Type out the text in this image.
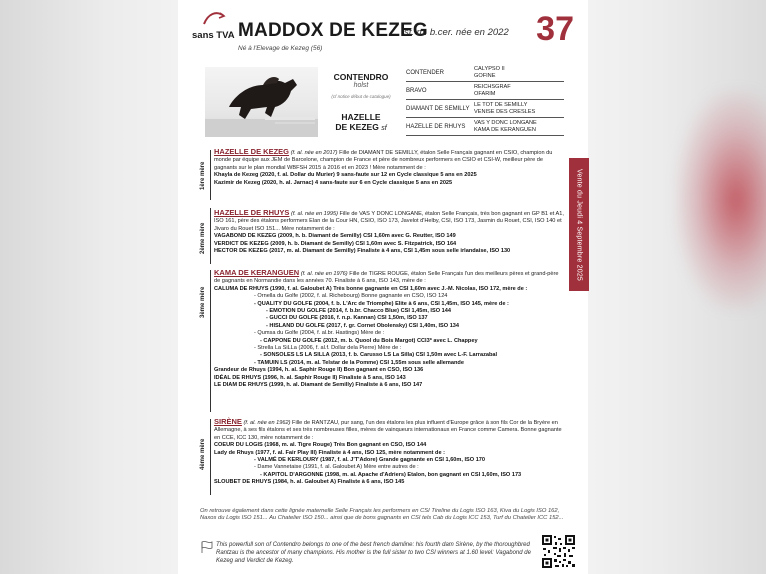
sans TVA MADDOX DE KEZEG
sf. m. b.cer. née en 2022 37
Né à l'Elevage de Kezeg (56)
CONTENDRO
holst
(cf notice début de catalogue)
HAZELLE
DE KEZEG sf
CONTENDER
BRAVO
DIAMANT DE SEMILLY
HAZELLE DE RHUYS
CALYPSO II
GOFINE
REICHSGRAF
OFARIM
LE TOT DE SEMILLY
VENISE DES CRESLES
VAS Y DONC LONGANE
KAMA DE KERANGUEN
1ère mère
HAZELLE DE KEZEG (f. al. née en 2017) Fille de DIAMANT DE SEMILLY, étalon Selle Français gagnant en CSIO, champion du monde par équipe aux JEM de Barcelone, champion de France et père de nombreux performers en CSIO et CSI-W, meilleur père de gagnants sur le plan mondial WBFSH 2015 à 2016 et en 2023 ! Mère notamment de :
Khayla de Kezeg (2020, f. al. Dollar du Murier) 9 sans-faute sur 12 en Cycle classique 5 ans en 2025
Kazimir de Kezeg (2020, h. al. Jarnac) 4 sans-faute sur 6 en Cycle classique 5 ans en 2025
2ème mère
HAZELLE DE RHUYS (f. al. née en 1995) Fille de VAS Y DONC LONGANE, étalon Selle Français, très bon gagnant en GP B1 et A1, ISO 161, père des étalons performers Elan de la Cour HN, CSIO, ISO 173, Javelot d'Helby, CSI, ISO 173, Jasmin du Rouet, CSI, ISO 140 et Jivaro du Rouet ISO 151... Mère notamment de :
VAGABOND DE KEZEG (2009, h. b. Diamant de Semilly) CSI 1,60m avec G. Reutter, ISO 149
VERDICT DE KEZEG (2009, h. b. Diamant de Semilly) CSI 1,60m avec S. Fitzpatrick, ISO 164
HECTOR DE KEZEG (2017, m. al. Diamant de Semilly) Finaliste à 4 ans, CSI 1,45m sous selle irlandaise, ISO 130
3ème mère
KAMA DE KERANGUEN (f. al. née en 1976) Fille de TIGRE ROUGE, étalon Selle Français l'un des meilleurs pères et grand-père de gagnants en Normandie dans les années 70. Finaliste à 6 ans, ISO 143, mère de :
CALUMA DE RHUYS (1990, f. al. Galoubet A) Très bonne gagnante en CSI 1,60m avec J.-M. Nicolas, ISO 172, mère de :
- Ornella du Golfe (2002, f. al. Richebourg) Bonne gagnante en CSO, ISO 124
- QUALITY DU GOLFE (2004, f. b. L'Arc de Triomphe) Elite à 6 ans, CSI 1,45m, ISO 145, mère de :
- EMOTION DU GOLFE (2014, f. b.br. Chacco Blue) CSI 1,45m, ISO 144
- GUCCI DU GOLFE (2016, f. n.p. Kannan) CSI 1,50m, ISO 137
- HISLAND DU GOLFE (2017, f. gr. Cornet Obolensky) CSI 1,40m, ISO 134
- Qumsa du Golfe (2004, f. al.br. Hastings) Mère de :
- CAPPONE DU GOLFE (2012, m. b. Quool du Bois Margot) CCI3* avec L. Chappey
- Strella La SiLLa (2006, f. al.f. Dollar dela Pierre) Mère de :
- SONSOLES LS LA SILLA (2013, f. b. Carusso LS La Silla) CSI 1,50m avec L-F. Larrazabal
- TAMUIN LS (2014, m. al. Telstar de la Pomme) CSI 1,55m sous selle allemande
Grandeur de Rhuys (1994, h. al. Saphir Rouge II) Bon gagnant en CSO, ISO 136
IDÉAL DE RHUYS (1996, h. al. Saphir Rouge II) Finaliste à 5 ans, ISO 143
LE DIAM DE RHUYS (1999, h. al. Diamant de Semilly) Finaliste à 6 ans, ISO 147
4ème mère
SIRÈNE (f. al. née en 1962) Fille de RANTZAU, pur sang, l'un des étalons les plus influent d'Europe grâce à son fils Cor de la Bryère en Allemagne, à ses fils étalons et ses très nombreuses filles, mères de vainqueurs internationaux en France comme Camera. Bonne gagnante en CCE, ICC 130, mère notamment de :
COEUR DU LOGIS (1968, m. al. Tigre Rouge) Très Bon gagnant en CSO, ISO 144
Lady de Rhuys (1977, f. al. Fair Play III) Finaliste à 4 ans, ISO 125, mère notamment de :
- VALMÉ DE KERLOURY (1987, f. al. J'T'Adore) Grande gagnante en CSI 1,60m, ISO 170
- Dame Vannetaise (1991, f. al. Galoubet A) Mère entre autres de :
- KAPITOL D'ARGONNE (1998, m. al. Apache d'Adriers) Etalon, bon gagnant en CSI 1,60m, ISO 173
SLOUBET DE RHUYS (1984, h. al. Galoubet A) Finaliste à 6 ans, ISO 145
On retrouve également dans cette lignée maternelle Selle Français les performers en CSI Tireline du Logis ISO 163, Kiva du Logis ISO 162, Naxos du Logis ISO 151... Au Chatelier ISO 150... ainsi que de bons gagnants en CSI tels Cab du Logis ICC 153, Turf du Chatelier ICC 152...
This powerfull son of Contendro belongs to one of the best french damline: his fourth dam Sirène, by the thoroughbred Rantzau is the ancestor of many champions. His mother is the full sister to two CSI winners at 1.60 level: Vagabond de Kezeg and Verdict de Kezeg.
Vente du Jeudi 4 Septembre 2025
